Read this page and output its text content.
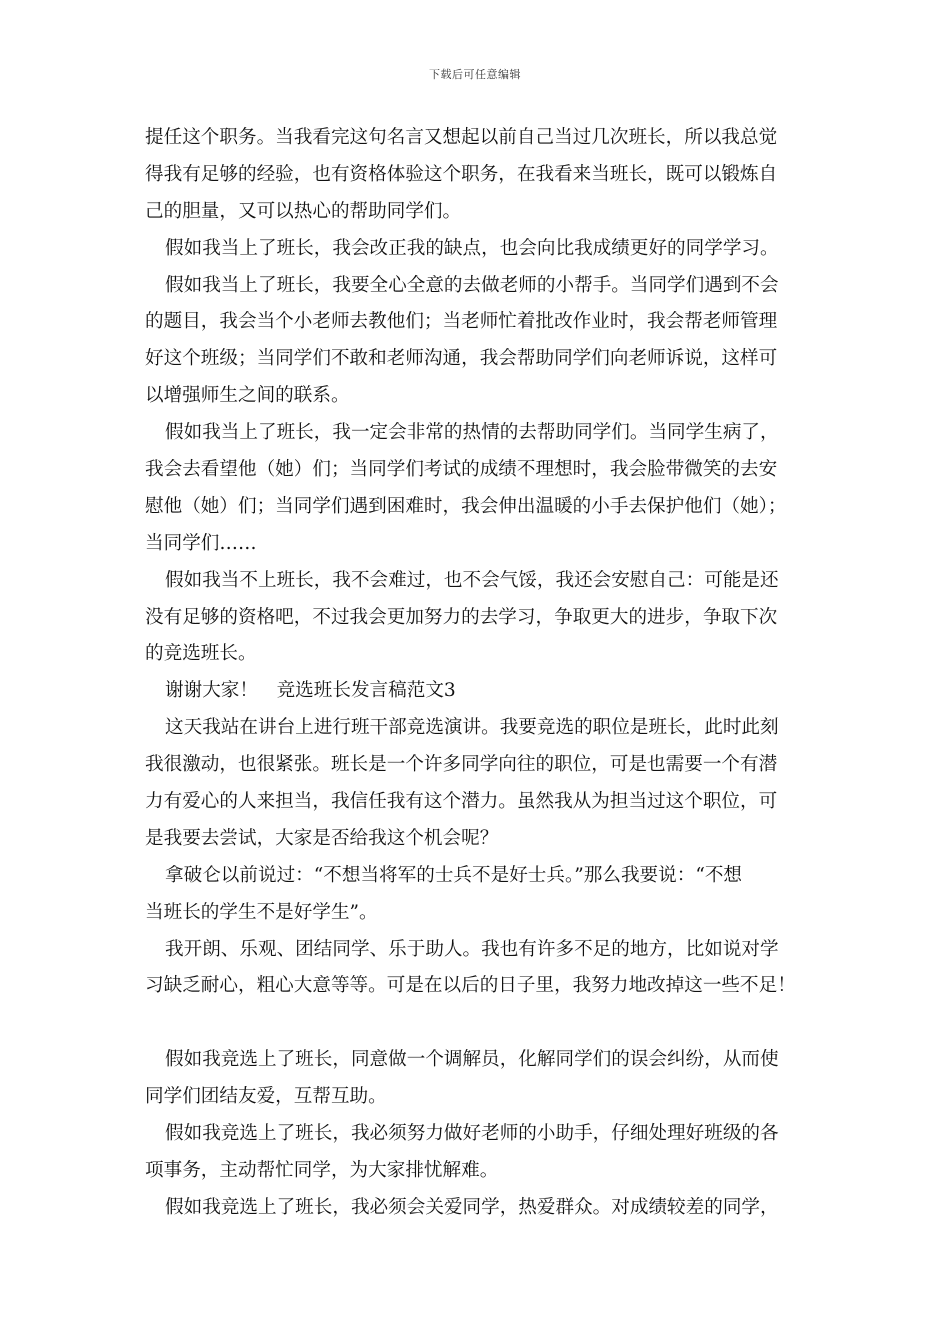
下载后可任意编辑
提任这个职务。当我看完这句名言又想起以前自己当过几次班长，所以我总觉
得我有足够的经验，也有资格体验这个职务，在我看来当班长，既可以锻炼自
己的胆量，又可以热心的帮助同学们。
假如我当上了班长，我会改正我的缺点，也会向比我成绩更好的同学学习。
假如我当上了班长，我要全心全意的去做老师的小帮手。当同学们遇到不会
的题目，我会当个小老师去教他们；当老师忙着批改作业时，我会帮老师管理
好这个班级；当同学们不敢和老师沟通，我会帮助同学们向老师诉说，这样可
以增强师生之间的联系。
假如我当上了班长，我一定会非常的热情的去帮助同学们。当同学生病了，
我会去看望他（她）们；当同学们考试的成绩不理想时，我会脸带微笑的去安
慰他（她）们；当同学们遇到困难时，我会伸出温暖的小手去保护他们（她）；
当同学们……
假如我当不上班长，我不会难过，也不会气馁，我还会安慰自己：可能是还
没有足够的资格吧，不过我会更加努力的去学习，争取更大的进步，争取下次
的竞选班长。
谢谢大家！　竞选班长发言稿范文3
这天我站在讲台上进行班干部竞选演讲。我要竞选的职位是班长，此时此刻
我很激动，也很紧张。班长是一个许多同学向往的职位，可是也需要一个有潜
力有爱心的人来担当，我信任我有这个潜力。虽然我从为担当过这个职位，可
是我要去尝试，大家是否给我这个机会呢？
拿破仑以前说过：“不想当将军的士兵不是好士兵。”那么我要说：“不想
当班长的学生不是好学生”。
我开朗、乐观、团结同学、乐于助人。我也有许多不足的地方，比如说对学
习缺乏耐心，粗心大意等等。可是在以后的日子里，我努力地改掉这一些不足！
假如我竞选上了班长，同意做一个调解员，化解同学们的误会纠纷，从而使
同学们团结友爱，互帮互助。
假如我竞选上了班长，我必须努力做好老师的小助手，仔细处理好班级的各
项事务，主动帮忙同学，为大家排忧解难。
假如我竞选上了班长，我必须会关爱同学，热爱群众。对成绩较差的同学，
